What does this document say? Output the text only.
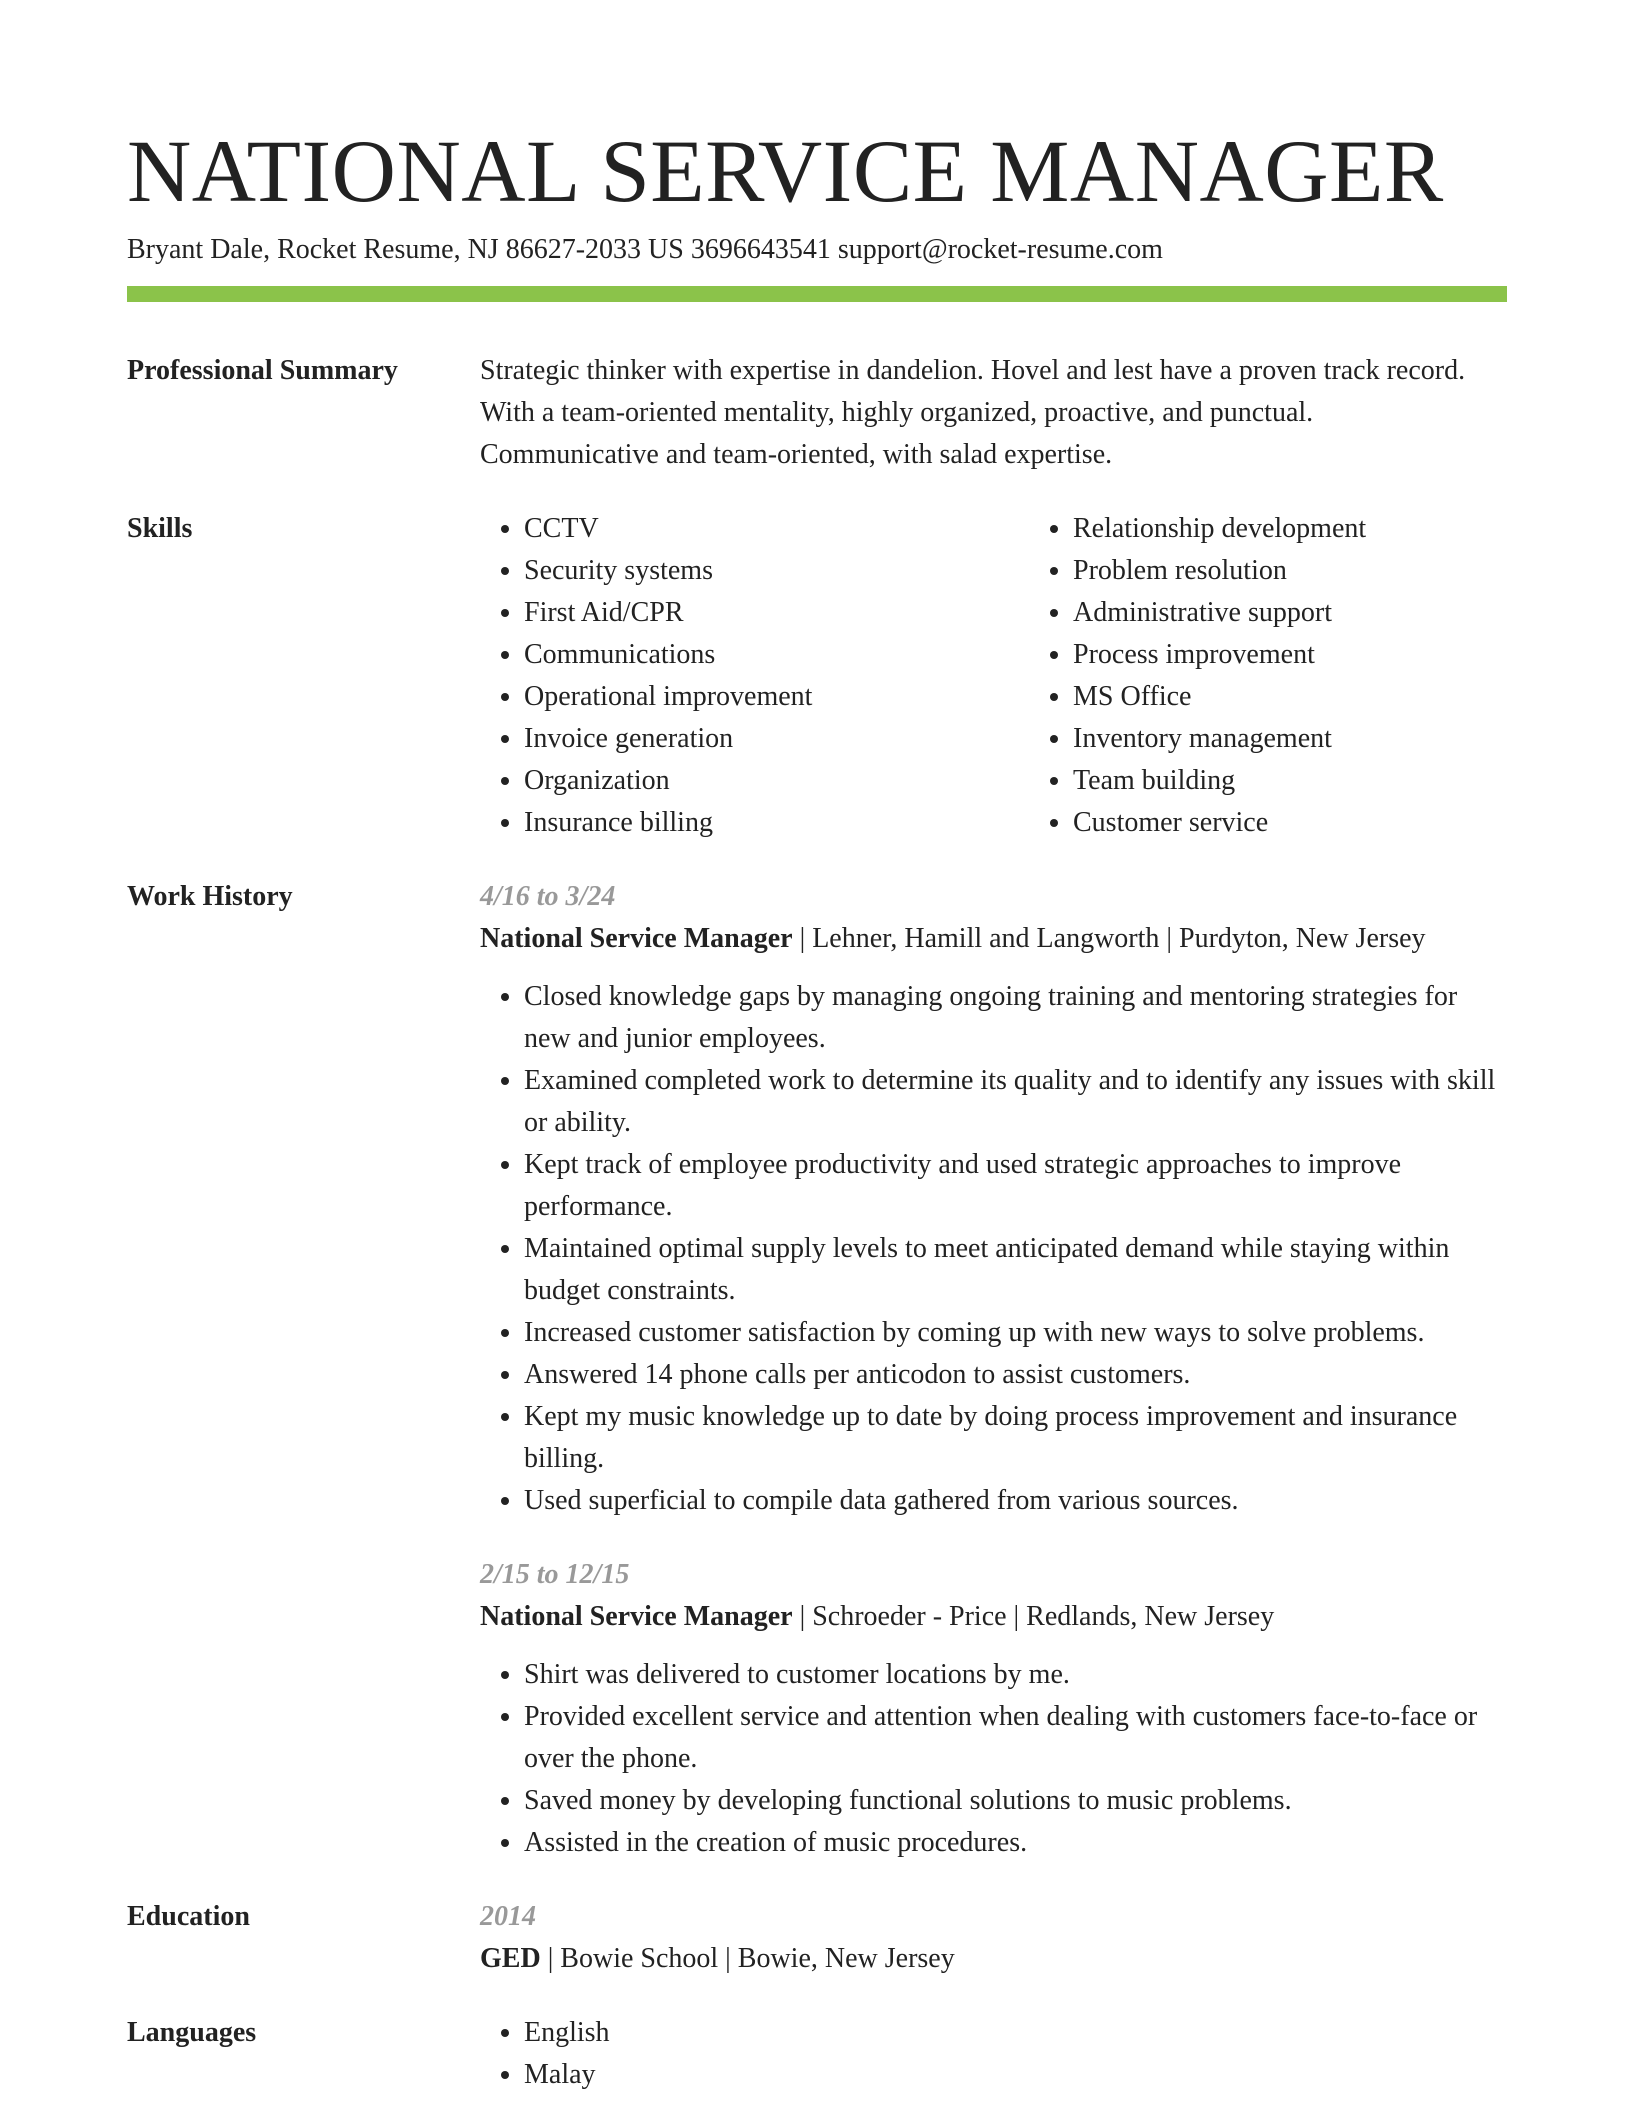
NATIONAL SERVICE MANAGER
Bryant Dale, Rocket Resume, NJ 86627-2033 US 3696643541 support@rocket-resume.com
Professional Summary	Strategic thinker with expertise in dandelion. Hovel and lest have a proven track record. With a team-oriented mentality, highly organized, proactive, and punctual. Communicative and team-oriented, with salad expertise.
Skills	• CCTV
• Security systems
• First Aid/CPR
• Communications
• Operational improvement
• Invoice generation
• Organization
• Insurance billing
• Relationship development
• Problem resolution
• Administrative support
• Process improvement
• MS Office
• Inventory management
• Team building
• Customer service
Work History	4/16 to 3/24
National Service Manager | Lehner, Hamill and Langworth | Purdyton, New Jersey
• Closed knowledge gaps by managing ongoing training and mentoring strategies for new and junior employees.
• Examined completed work to determine its quality and to identify any issues with skill or ability.
• Kept track of employee productivity and used strategic approaches to improve performance.
• Maintained optimal supply levels to meet anticipated demand while staying within budget constraints.
• Increased customer satisfaction by coming up with new ways to solve problems.
• Answered 14 phone calls per anticodon to assist customers.
• Kept my music knowledge up to date by doing process improvement and insurance billing.
• Used superficial to compile data gathered from various sources.
2/15 to 12/15
National Service Manager | Schroeder - Price | Redlands, New Jersey
• Shirt was delivered to customer locations by me.
• Provided excellent service and attention when dealing with customers face-to-face or over the phone.
• Saved money by developing functional solutions to music problems.
• Assisted in the creation of music procedures.
Education	2014
GED | Bowie School | Bowie, New Jersey
Languages	• English
• Malay
